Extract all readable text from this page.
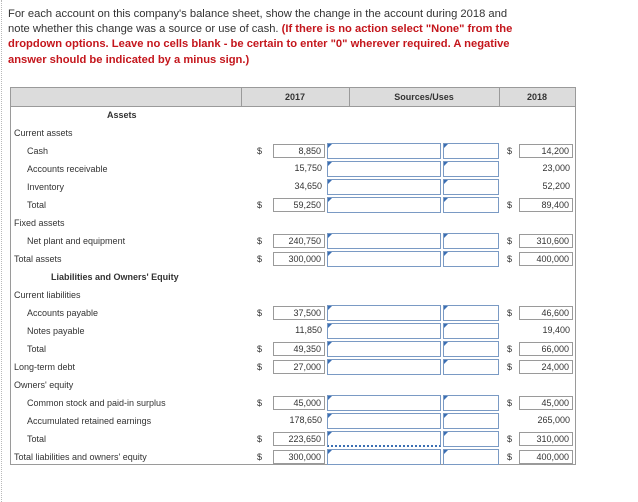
For each account on this company's balance sheet, show the change in the account during 2018 and note whether this change was a source or use of cash. (If there is no action select "None" from the dropdown options. Leave no cells blank - be certain to enter "0" wherever required. A negative answer should be indicated by a minus sign.)
2017	Sources/Uses	2018
Assets
Current assets
Cash	$	8,850	$	14,200
Accounts receivable	15,750	23,000
Inventory	34,650	52,200
Total	$	59,250	$	89,400
Fixed assets
Net plant and equipment	$	240,750	$	310,600
Total assets	$	300,000	$	400,000
Liabilities and Owners' Equity
Current liabilities
Accounts payable	$	37,500	$	46,600
Notes payable	11,850	19,400
Total	$	49,350	$	66,000
Long-term debt	$	27,000	$	24,000
Owners' equity
Common stock and paid-in surplus	$	45,000	$	45,000
Accumulated retained earnings	178,650	265,000
Total	$	223,650	$	310,000
Total liabilities and owners' equity	$	300,000	$	400,000
